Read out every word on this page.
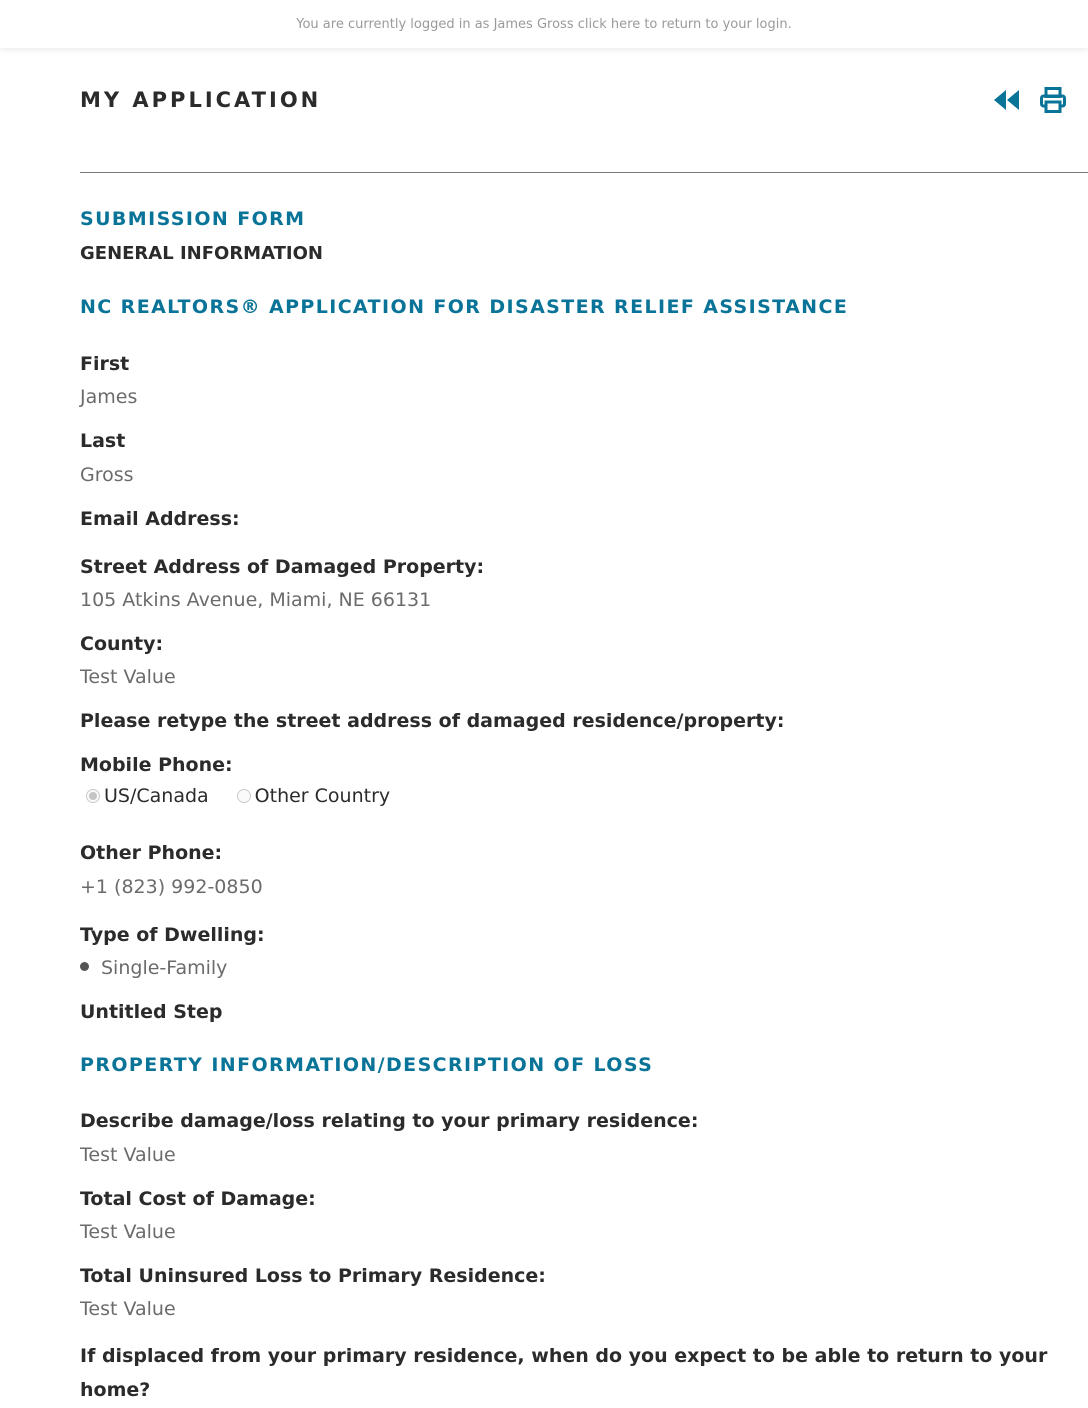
You are currently logged in as James Gross click here to return to your login.
MY APPLICATION
SUBMISSION FORM
GENERAL INFORMATION
NC REALTORS® APPLICATION FOR DISASTER RELIEF ASSISTANCE
First
James
Last
Gross
Email Address:
Street Address of Damaged Property:
105 Atkins Avenue, Miami, NE 66131
County:
Test Value
Please retype the street address of damaged residence/property:
Mobile Phone:
US/Canada Other Country
Other Phone:
+1 (823) 992-0850
Type of Dwelling:
Single-Family
Untitled Step
PROPERTY INFORMATION/DESCRIPTION OF LOSS
Describe damage/loss relating to your primary residence:
Test Value
Total Cost of Damage:
Test Value
Total Uninsured Loss to Primary Residence:
Test Value
If displaced from your primary residence, when do you expect to be able to return to your home?
